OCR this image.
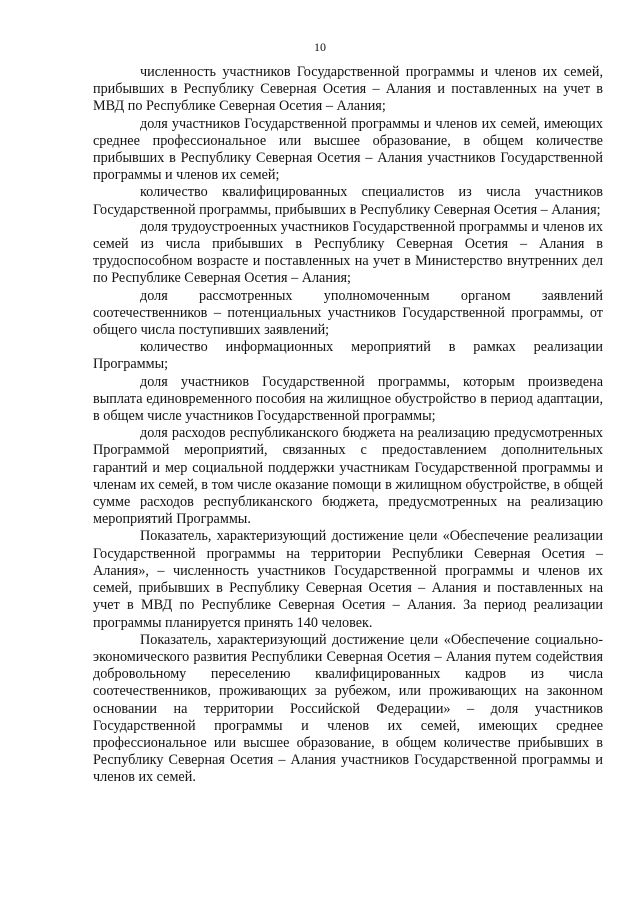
10

численность участников Государственной программы и членов их семей, прибывших в Республику Северная Осетия – Алания и поставленных на учет в МВД по Республике Северная Осетия – Алания;

доля участников Государственной программы и членов их семей, имеющих среднее профессиональное или высшее образование, в общем количестве прибывших в Республику Северная Осетия – Алания участников Государственной программы и членов их семей;

количество квалифицированных специалистов из числа участников Государственной программы, прибывших в Республику Северная Осетия – Алания;

доля трудоустроенных участников Государственной программы и членов их семей из числа прибывших в Республику Северная Осетия – Алания в трудоспособном возрасте и поставленных на учет в Министерство внутренних дел по Республике Северная Осетия – Алания;

доля рассмотренных уполномоченным органом заявлений соотечественников – потенциальных участников Государственной программы, от общего числа поступивших заявлений;

количество информационных мероприятий в рамках реализации Программы;

доля участников Государственной программы, которым произведена выплата единовременного пособия на жилищное обустройство в период адаптации, в общем числе участников Государственной программы;

доля расходов республиканского бюджета на реализацию предусмотренных Программой мероприятий, связанных с предоставлением дополнительных гарантий и мер социальной поддержки участникам Государственной программы и членам их семей, в том числе оказание помощи в жилищном обустройстве, в общей сумме расходов республиканского бюджета, предусмотренных на реализацию мероприятий Программы.

Показатель, характеризующий достижение цели «Обеспечение реализации Государственной программы на территории Республики Северная Осетия – Алания», – численность участников Государственной программы и членов их семей, прибывших в Республику Северная Осетия – Алания и поставленных на учет в МВД по Республике Северная Осетия – Алания. За период реализации программы планируется принять 140 человек.

Показатель, характеризующий достижение цели «Обеспечение социально-экономического развития Республики Северная Осетия – Алания путем содействия добровольному переселению квалифицированных кадров из числа соотечественников, проживающих за рубежом, или проживающих на законном основании на территории Российской Федерации» – доля участников Государственной программы и членов их семей, имеющих среднее профессиональное или высшее образование, в общем количестве прибывших в Республику Северная Осетия – Алания участников Государственной программы и членов их семей.
